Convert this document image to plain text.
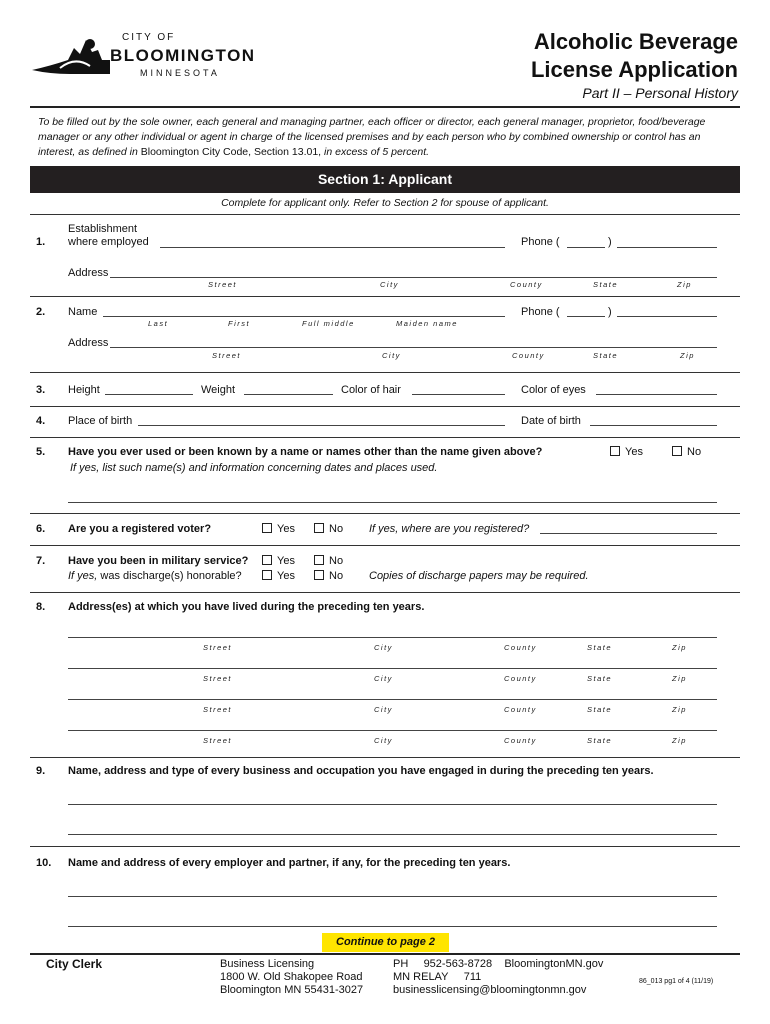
CITY OF
BLOOMINGTON
MINNESOTA
Alcoholic Beverage
License Application
Part II – Personal History
To be filled out by the sole owner, each general and managing partner, each officer or director, each general manager, proprietor, food/beverage manager or any other individual or agent in charge of the licensed premises and by each person who by combined ownership or control has an interest, as defined in Bloomington City Code, Section 13.01, in excess of 5 percent.
Section 1: Applicant
Complete for applicant only. Refer to Section 2 for spouse of applicant.
1.
Establishment
where employed	Phone (	)
Address
Street	City	County	State	Zip
2. Name
Last	First	Full middle	Maiden name
Phone (	)
Address
Street	City	County	State	Zip
3. Height	Weight	Color of hair	Color of eyes
4. Place of birth	Date of birth
5. Have you ever used or been known by a name or names other than the name given above?	Yes	No
If yes, list such name(s) and information concerning dates and places used.
6. Are you a registered voter?	Yes	No If yes, where are you registered?
7. Have you been in military service?	Yes	No
If yes, was discharge(s) honorable?	Yes	No Copies of discharge papers may be required.
8. Address(es) at which you have lived during the preceding ten years.
Street	City	County	State	Zip
Street	City	County	State	Zip
Street	City	County	State	Zip
Street	City	County	State	Zip
9. Name, address and type of every business and occupation you have engaged in during the preceding ten years.
10. Name and address of every employer and partner, if any, for the preceding ten years.
Continue to page 2
City Clerk	Business Licensing
1800 W. Old Shakopee Road
Bloomington MN 55431-3027
PH 952-563-8728 BloomingtonMN.gov
MN RELAY 711
businesslicensing@bloomingtonmn.gov
86_013 pg1 of 4 (11/19)
